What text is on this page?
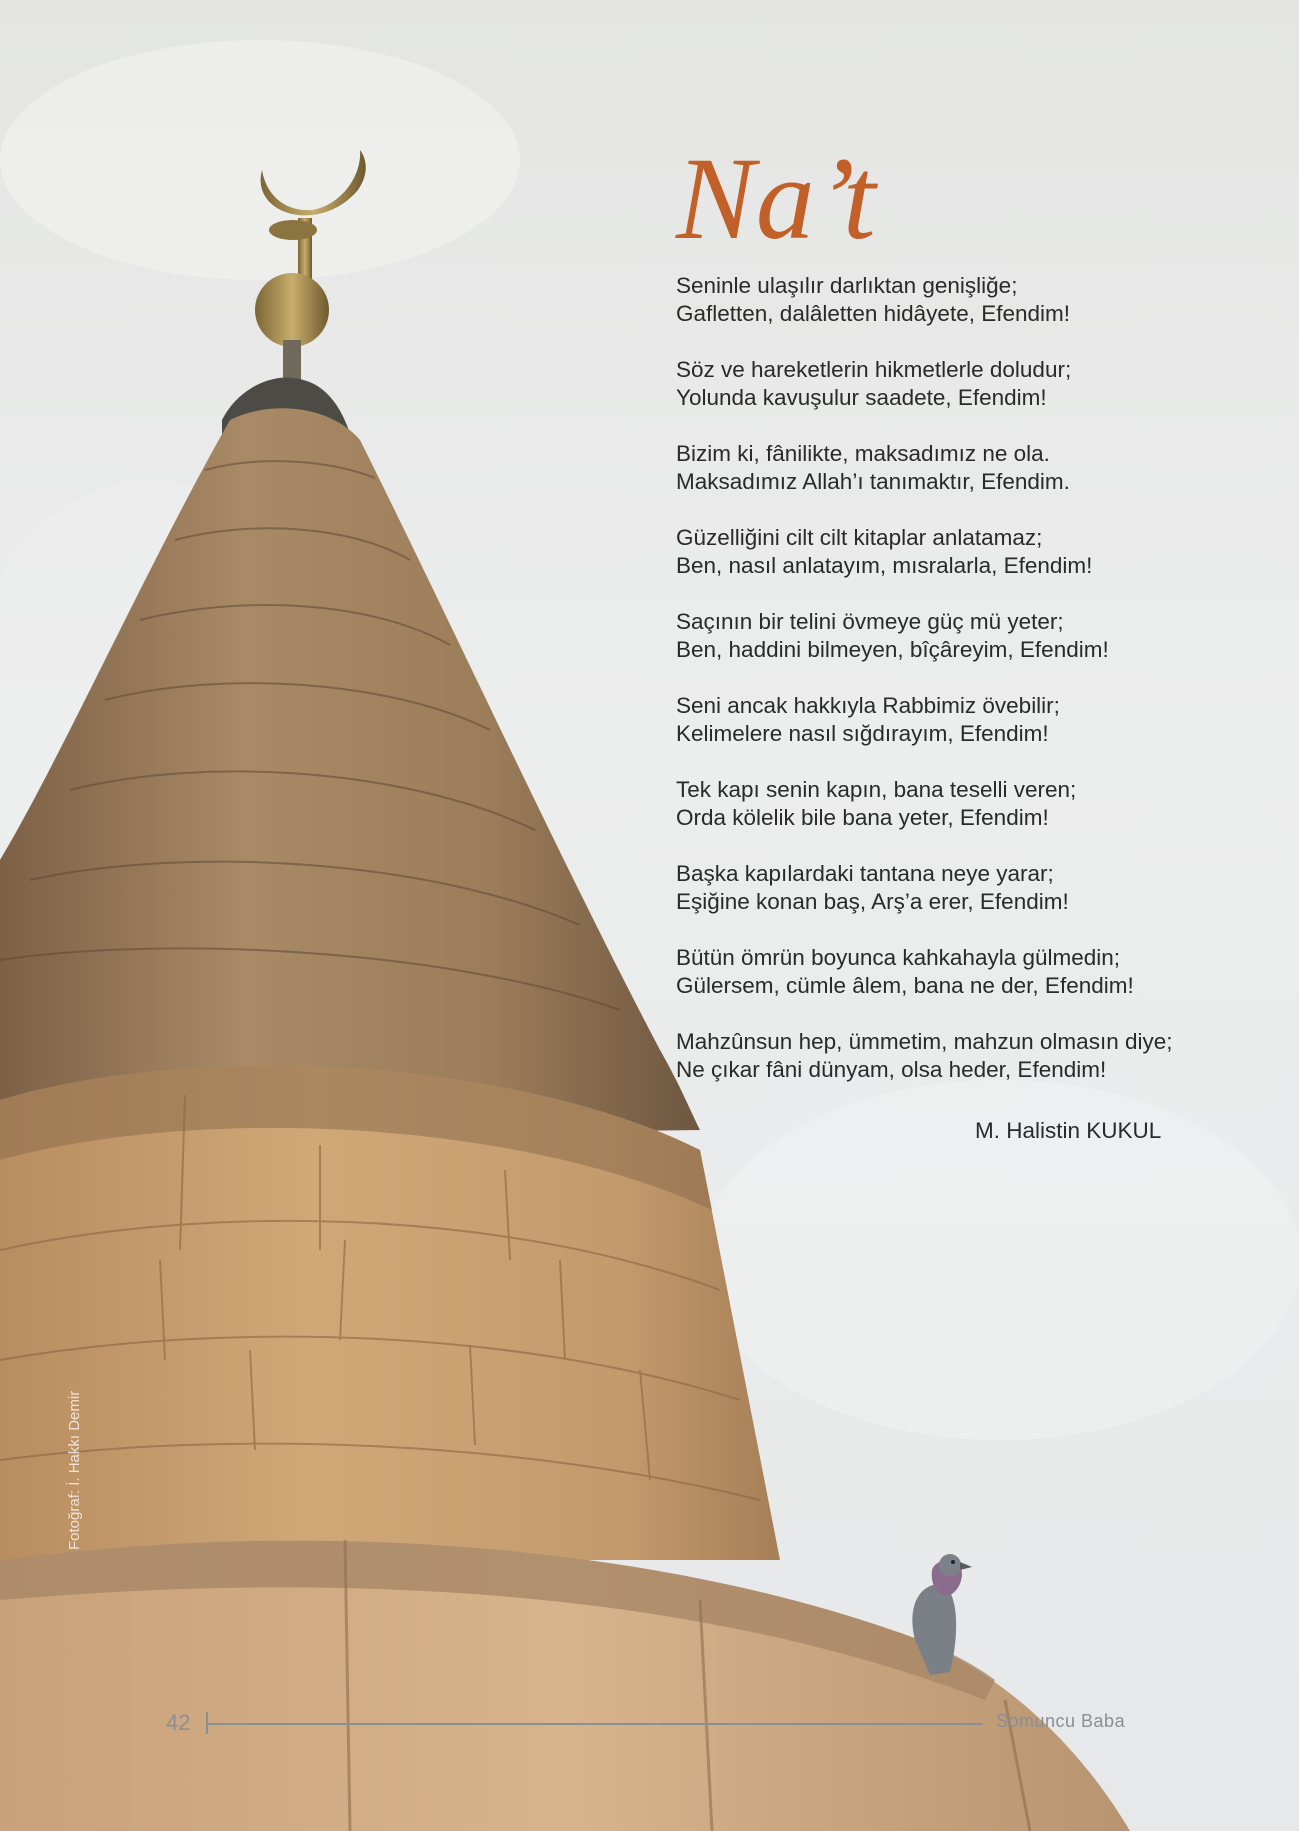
Na’t
Seninle ulaşılır darlıktan genişliğe;
Gafletten, dalâletten hidâyete, Efendim!
Söz ve hareketlerin hikmetlerle doludur;
Yolunda kavuşulur saadete, Efendim!
Bizim ki, fânilikte, maksadımız ne ola.
Maksadımız Allah’ı tanımaktır, Efendim.
Güzelliğini cilt cilt kitaplar anlatamaz;
Ben, nasıl anlatayım, mısralarla, Efendim!
Saçının bir telini övmeye güç mü yeter;
Ben, haddini bilmeyen, bîçâreyim, Efendim!
Seni ancak hakkıyla Rabbimiz övebilir;
Kelimelere nasıl sığdırayım, Efendim!
Tek kapı senin kapın, bana teselli veren;
Orda kölelik bile bana yeter, Efendim!
Başka kapılardaki tantana neye yarar;
Eşiğine konan baş, Arş’a erer, Efendim!
Bütün ömrün boyunca kahkahayla gülmedin;
Gülersem, cümle âlem, bana ne der, Efendim!
Mahzûnsun hep, ümmetim, mahzun olmasın diye;
Ne çıkar fâni dünyam, olsa heder, Efendim!
M. Halistin KUKUL
Fotoğraf: İ. Hakkı Demir
42	Somuncu Baba
